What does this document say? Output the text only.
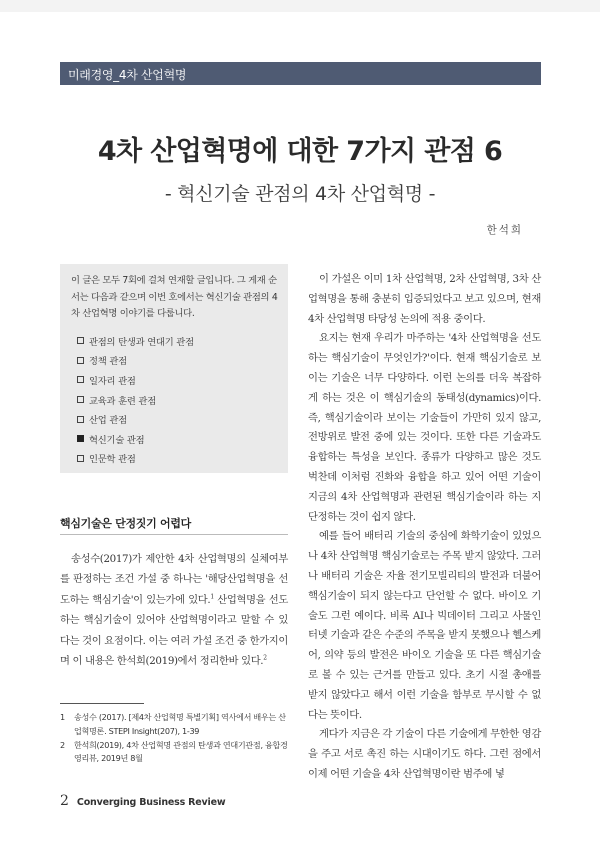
미래경영_4차 산업혁명
4차 산업혁명에 대한 7가지 관점 6
- 혁신기술 관점의 4차 산업혁명 -
한석희
이 글은 모두 7회에 걸쳐 연재할 글입니다. 그 게재 순서는 다음과 같으며 이번 호에서는 혁신기술 관점의 4차 산업혁명 이야기를 다룹니다.
관점의 탄생과 연대기 관점
정책 관점
일자리 관점
교육과 훈련 관점
산업 관점
혁신기술 관점
인문학 관점
핵심기술은 단정짓기 어렵다

송성수(2017)가 제안한 4차 산업혁명의 실체여부를 판정하는 조건 가설 중 하나는 '해당산업혁명을 선도하는 핵심기술'이 있는가에 있다.$^1$ 산업혁명을 선도하는 핵심기술이 있어야 산업혁명이라고 말할 수 있다는 것이 요점이다. 이는 여러 가설 조건 중 한가지이며 이 내용은 한석희(2019)에서 정리한바 있다.$^2$

이 가설은 이미 1차 산업혁명, 2차 산업혁명, 3차 산업혁명을 통해 충분히 입증되었다고 보고 있으며, 현재 4차 산업혁명 타당성 논의에 적용 중이다.

요지는 현재 우리가 마주하는 '4차 산업혁명을 선도하는 핵심기술이 무엇인가?'이다. 현재 핵심기술로 보이는 기술은 너무 다양하다. 이런 논의를 더욱 복잡하게 하는 것은 이 핵심기술의 동태성(dynamics)이다. 즉, 핵심기술이라 보이는 기술들이 가만히 있지 않고, 전방위로 발전 중에 있는 것이다. 또한 다른 기술과도 융합하는 특성을 보인다. 종류가 다양하고 많은 것도 벅찬데 이처럼 진화와 융합을 하고 있어 어떤 기술이 지금의 4차 산업혁명과 관련된 핵심기술이라 하는 지 단정하는 것이 쉽지 않다.

예를 들어 배터리 기술의 중심에 화학기술이 있었으나 4차 산업혁명 핵심기술로는 주목 받지 않았다. 그러나 배터리 기술은 자율 전기모빌리티의 발전과 더불어 핵심기술이 되지 않는다고 단언할 수 없다. 바이오 기술도 그런 예이다. 비록 AI나 빅데이터 그리고 사물인터넷 기술과 같은 수준의 주목을 받지 못했으나 헬스케어, 의약 등의 발전은 바이오 기술을 또 다른 핵심기술로 볼 수 있는 근거를 만들고 있다. 초기 시절 총애를 받지 않았다고 해서 이런 기술을 함부로 무시할 수 없다는 뜻이다.

게다가 지금은 각 기술이 다른 기술에게 무한한 영감을 주고 서로 촉진 하는 시대이기도 하다. 그런 점에서 이제 어떤 기술을 4차 산업혁명이란 범주에 넣

1	송성수 (2017). [제4차 산업혁명 특별기획] 역사에서 배우는 산업혁명론. STEPI Insight(207), 1-39
2	한석희(2019), 4차 산업혁명 관점의 탄생과 연대기관점, 융합경영리뷰, 2019년 8월
2 Converging Business Review
